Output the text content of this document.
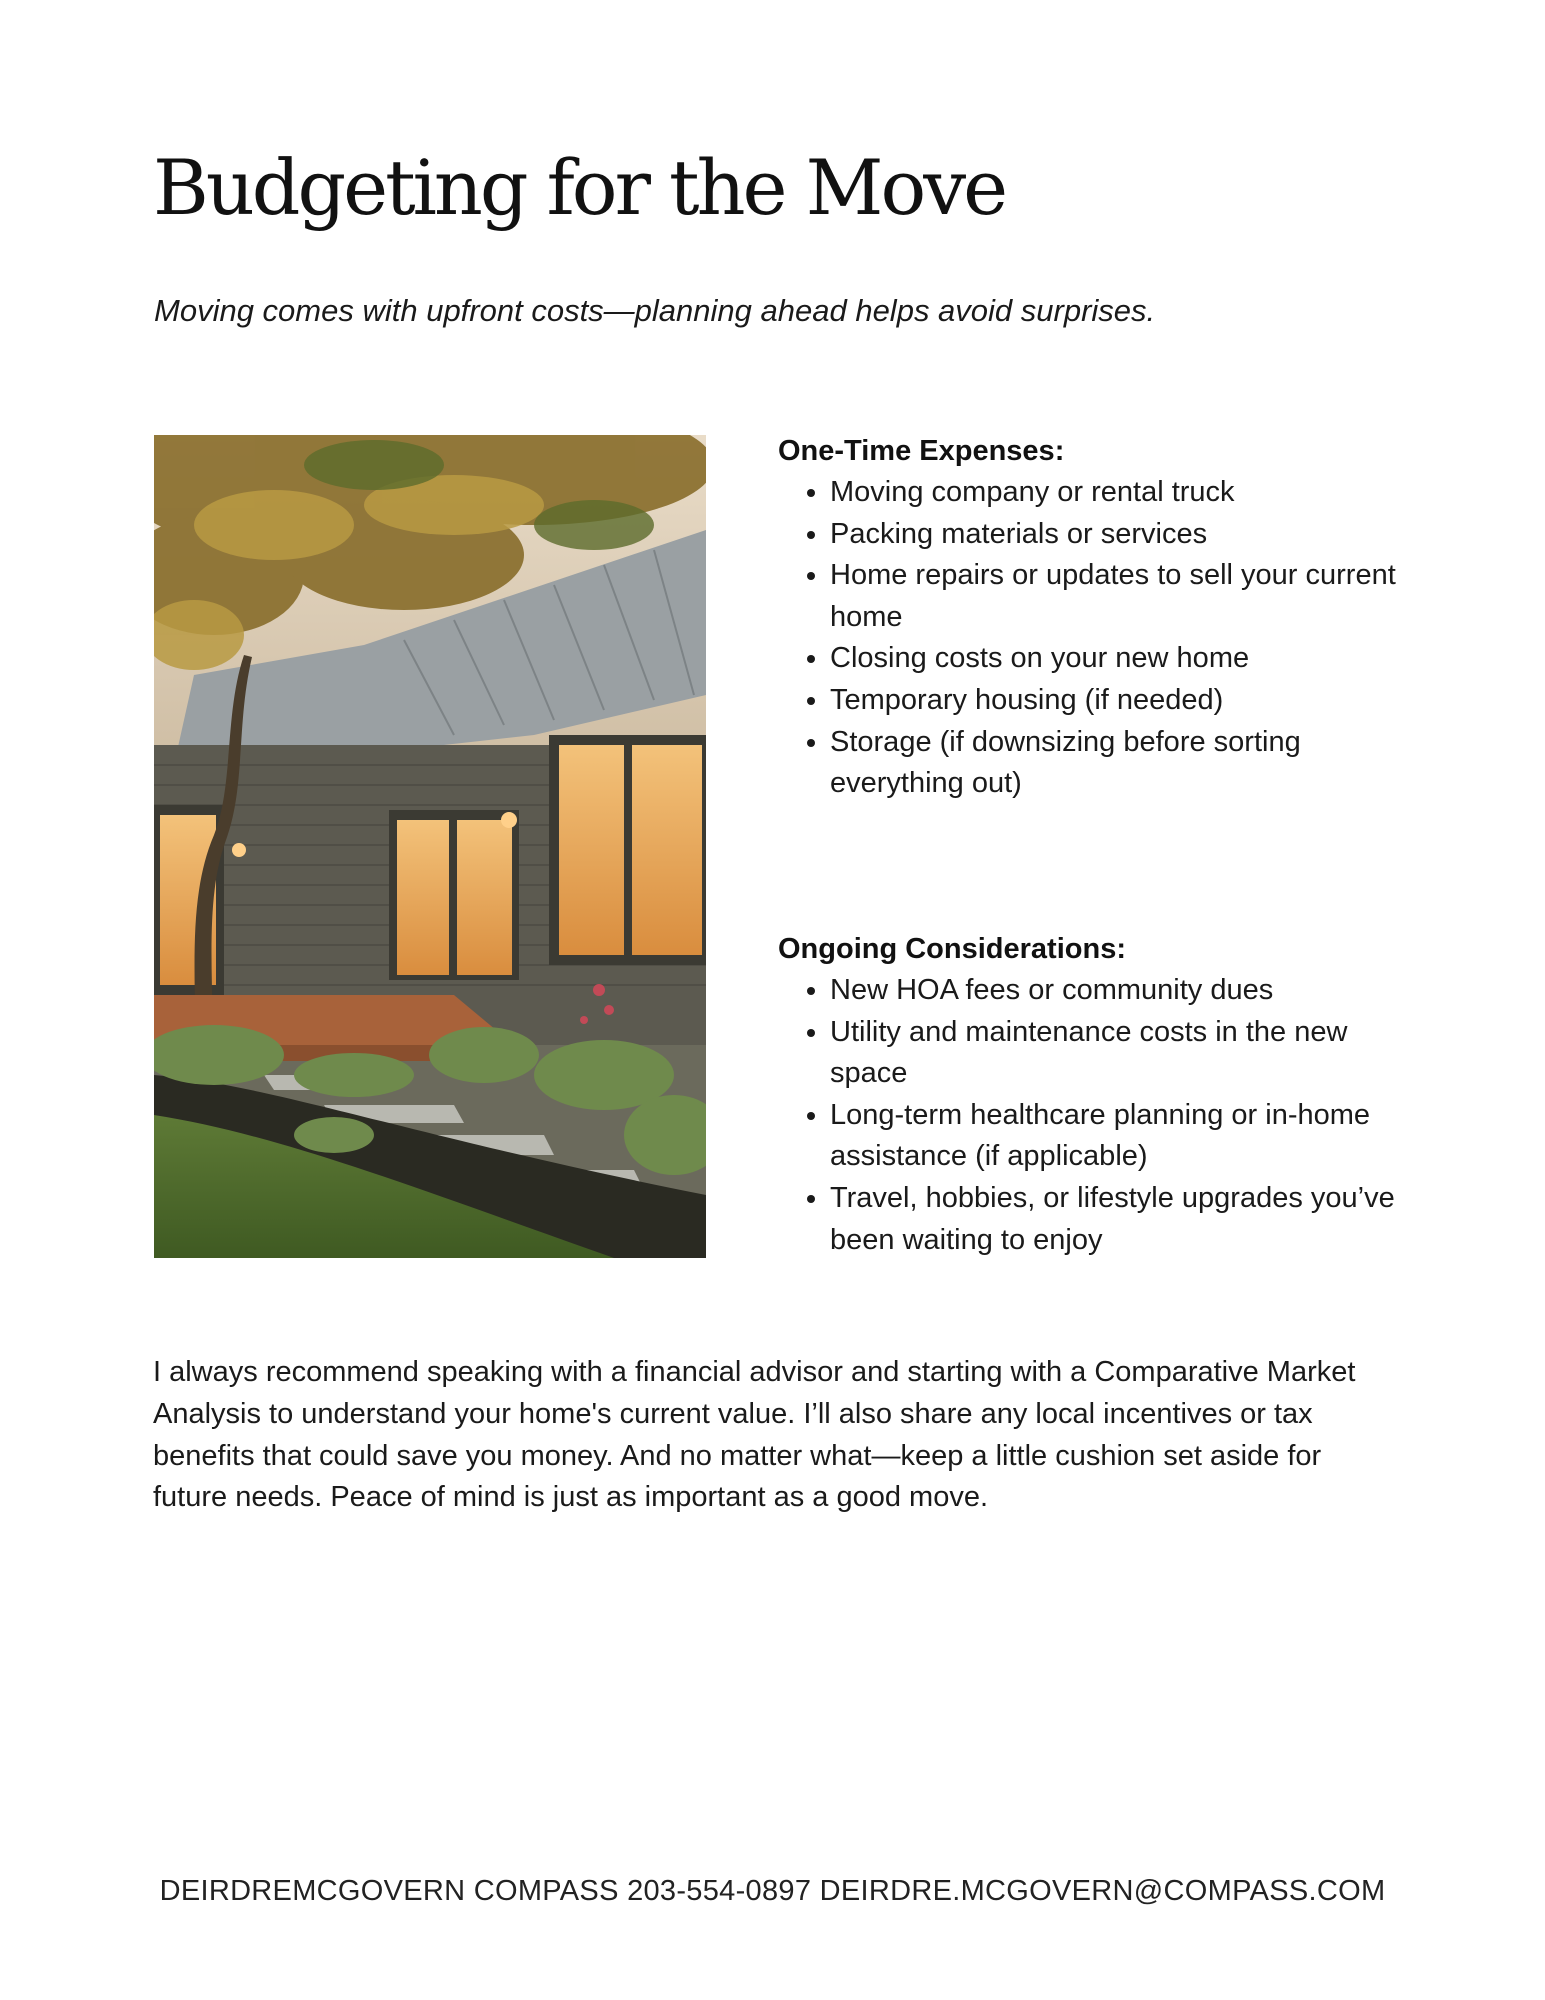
Budgeting for the Move

Moving comes with upfront costs—planning ahead helps avoid surprises.

One-Time Expenses:
• Moving company or rental truck
• Packing materials or services
• Home repairs or updates to sell your current home
• Closing costs on your new home
• Temporary housing (if needed)
• Storage (if downsizing before sorting everything out)
Ongoing Considerations:
• New HOA fees or community dues
• Utility and maintenance costs in the new space
• Long-term healthcare planning or in-home assistance (if applicable)
• Travel, hobbies, or lifestyle upgrades you’ve been waiting to enjoy

I always recommend speaking with a financial advisor and starting with a Comparative Market Analysis to understand your home's current value. I’ll also share any local incentives or tax benefits that could save you money. And no matter what—keep a little cushion set aside for future needs. Peace of mind is just as important as a good move.

DEIRDREMCGOVERN COMPASS 203-554-0897 DEIRDRE.MCGOVERN@COMPASS.COM
